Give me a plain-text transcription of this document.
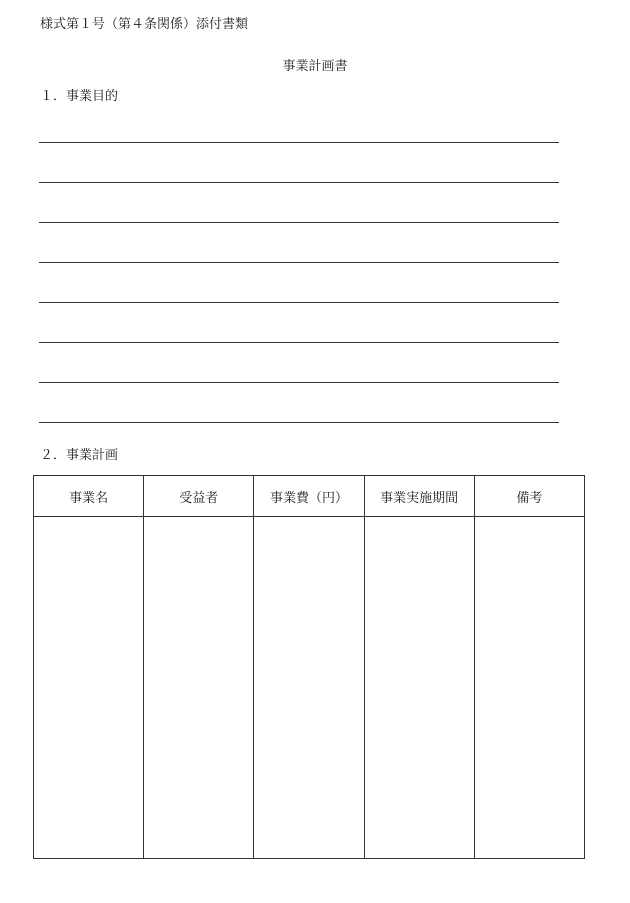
様式第１号（第４条関係）添付書類
事業計画書
１．事業目的
２．事業計画
事業名	受益者	事業費（円）	事業実施期間	備考
